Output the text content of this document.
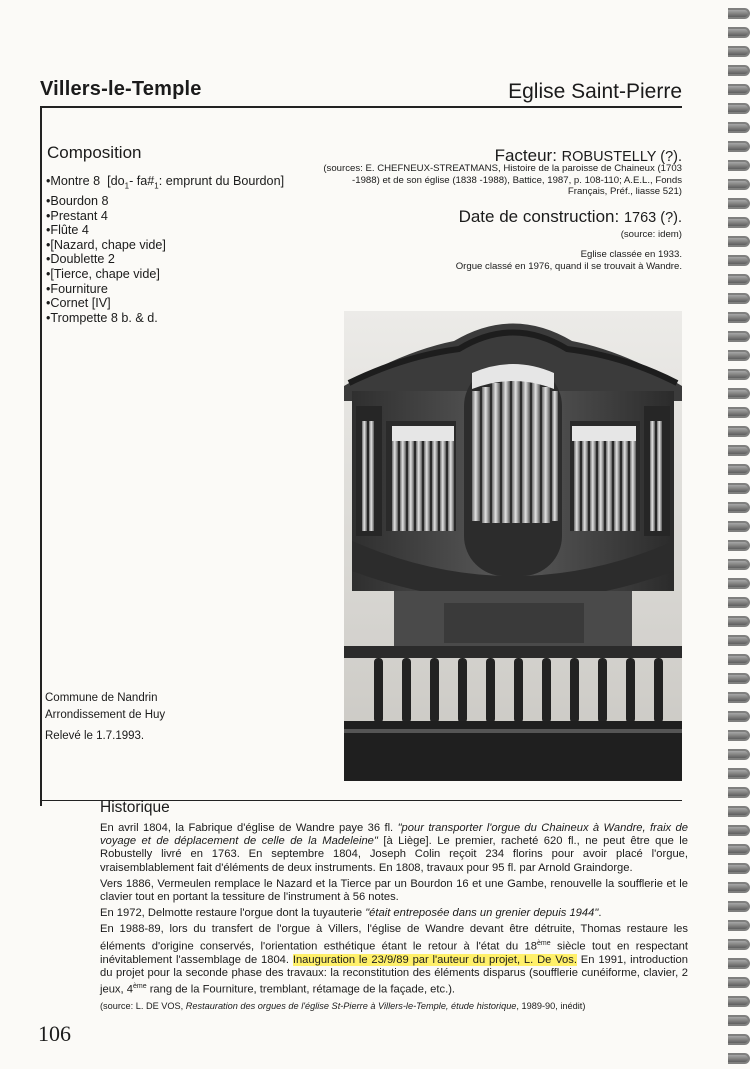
Villers-le-Temple	Eglise Saint-Pierre
Composition
• Montre 8  [$do_1-$ $fa\#_1$: emprunt du Bourdon]
• Bourdon 8
• Prestant 4
• Flûte 4
• [Nazard, chape vide]
• Doublette 2
• [Tierce, chape vide]
• Fourniture
• Cornet [IV]
• Trompette 8 b. & d.
Facteur: ROBUSTELLY (?).
(sources: E. CHEFNEUX-STREATMANS, Histoire de la paroisse de Chaineux (1703 -1988) et de son église (1838 -1988), Battice, 1987, p. 108-110; A.E.L., Fonds Français, Préf., liasse 521)
Date de construction: 1763 (?).
(source: idem)
Eglise classée en 1933.
Orgue classé en 1976, quand il se trouvait à Wandre.
Commune de Nandrin
Arrondissement de Huy
Relevé le 1.7.1993.
Historique

En avril 1804, la Fabrique d'église de Wandre paye 36 fl. "pour transporter l'orgue du Chaineux à Wandre, fraix de voyage et de déplacement de celle de la Madeleine" [à Liège]. Le premier, racheté 620 fl., ne peut être que le Robustelly livré en 1763. En septembre 1804, Joseph Colin reçoit 234 florins pour avoir placé l'orgue, vraisemblablement fait d'éléments de deux instruments. En 1808, travaux pour 95 fl. par Arnold Graindorge.

Vers 1886, Vermeulen remplace le Nazard et la Tierce par un Bourdon 16 et une Gambe, renouvelle la soufflerie et le clavier tout en portant la tessiture de l'instrument à 56 notes.

En 1972, Delmotte restaure l'orgue dont la tuyauterie "était entreposée dans un grenier depuis 1944".

En 1988-89, lors du transfert de l'orgue à Villers, l'église de Wandre devant être détruite, Thomas restaure les éléments d'origine conservés, l'orientation esthétique étant le retour à l'état du 18ème siècle tout en respectant inévitablement l'assemblage de 1804. Inauguration le 23/9/89 par l'auteur du projet, L. De Vos. En 1991, introduction du projet pour la seconde phase des travaux: la reconstitution des éléments disparus (soufflerie cunéiforme, clavier, 2 jeux, 4ème rang de la Fourniture, tremblant, rétamage de la façade, etc.).

(source: L. DE VOS, Restauration des orgues de l'église St-Pierre à Villers-le-Temple, étude historique, 1989-90, inédit)
106
